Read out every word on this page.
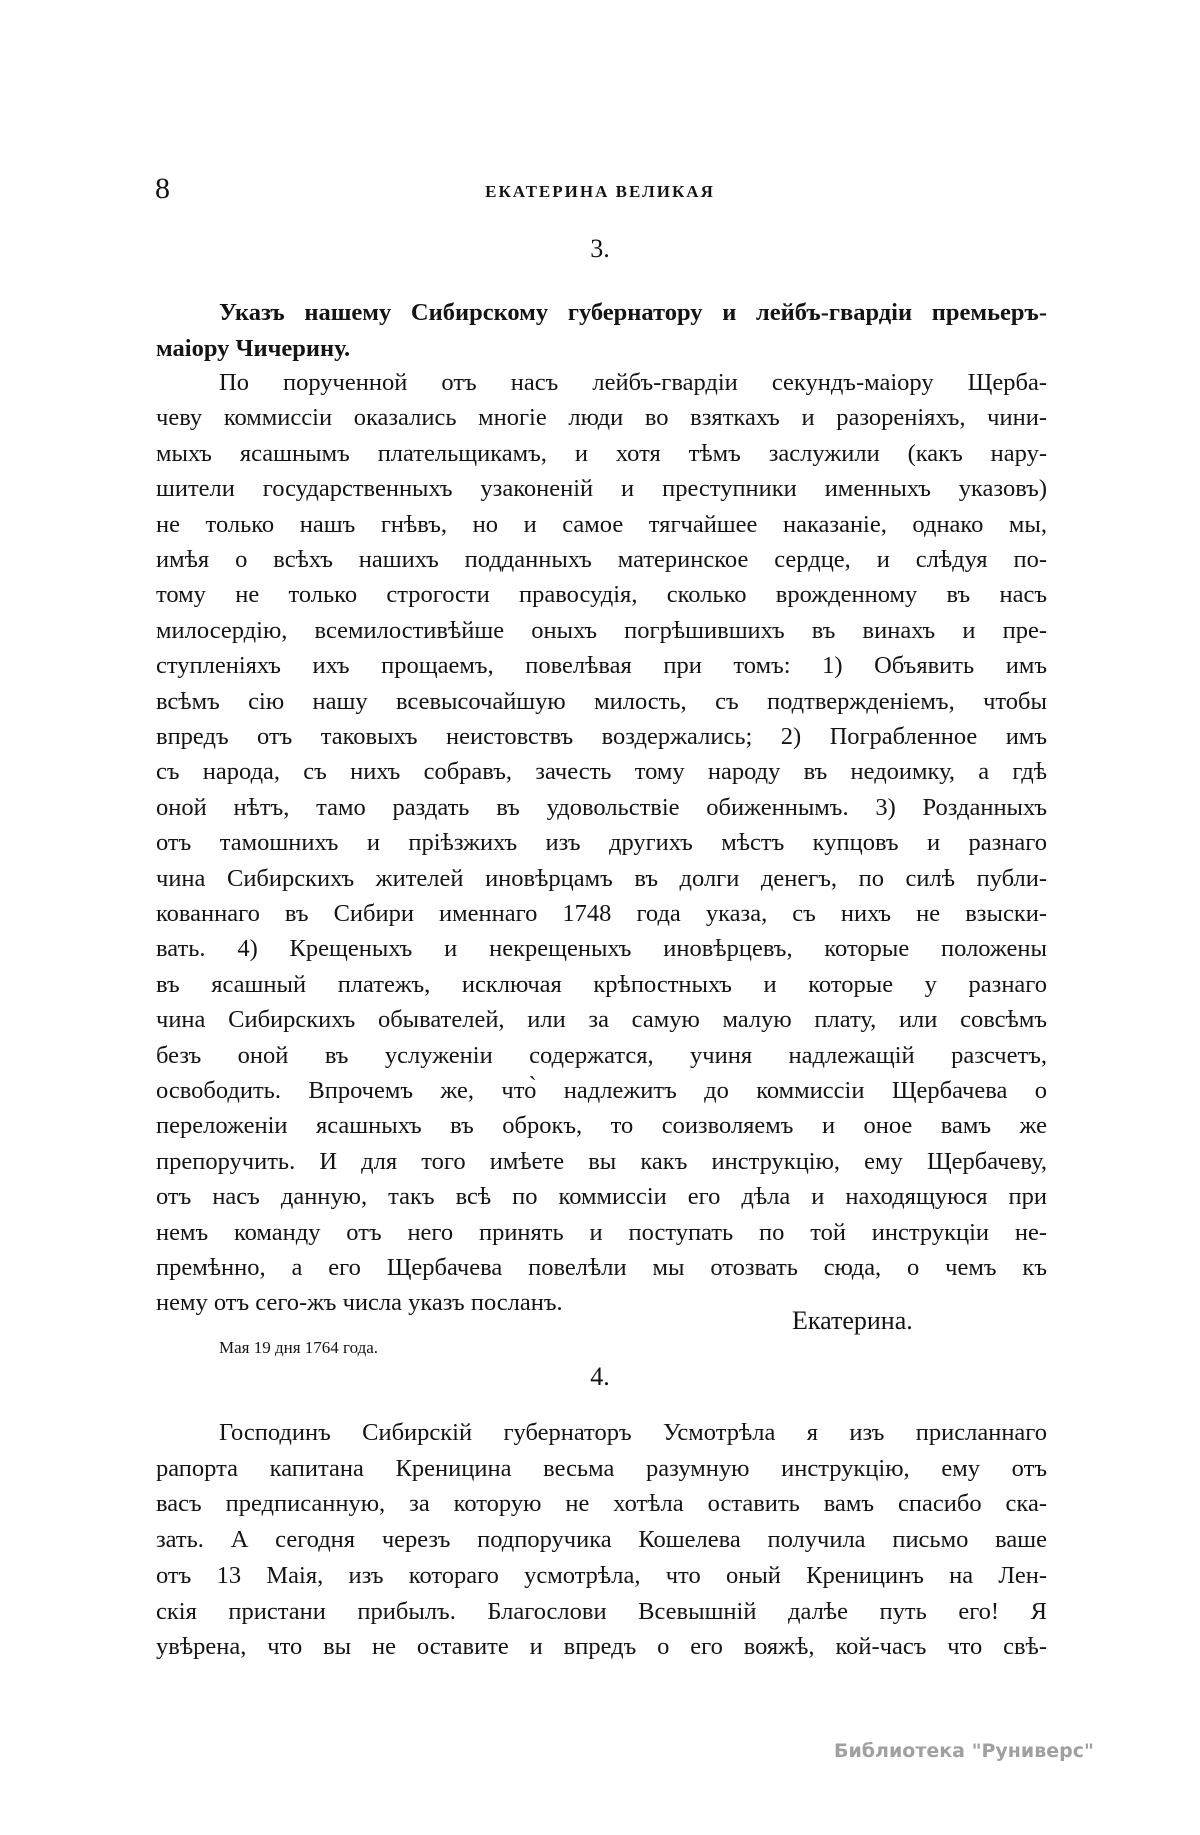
8	ЕКАТЕРИНА ВЕЛИКАЯ
3.
Указъ нашему Сибирскому губернатору и лейбъ-гвардіи премьеръ-
маіору Чичерину.
По порученной отъ насъ лейбъ-гвардіи секундъ-маіору Щерба-
чеву коммиссіи оказались многіе люди во взяткахъ и разореніяхъ, чини-
мыхъ ясашнымъ плательщикамъ, и хотя тѣмъ заслужили (какъ нару-
шители государственныхъ узаконеній и преступники именныхъ указовъ)
не только нашъ гнѣвъ, но и самое тягчайшее наказаніе, однако мы,
имѣя о всѣхъ нашихъ подданныхъ материнское сердце, и слѣдуя по-
тому не только строгости правосудія, сколько врожденному въ насъ
милосердію, всемилостивѣйше оныхъ погрѣшившихъ въ винахъ и пре-
ступленіяхъ ихъ прощаемъ, повелѣвая при томъ: 1) Объявить имъ
всѣмъ сію нашу всевысочайшую милость, съ подтвержденіемъ, чтобы
впредъ отъ таковыхъ неистовствъ воздержались; 2) Пограбленное имъ
съ народа, съ нихъ собравъ, зачесть тому народу въ недоимку, а гдѣ
оной нѣтъ, тамо раздать въ удовольствіе обиженнымъ. 3) Розданныхъ
отъ тамошнихъ и пріѣзжихъ изъ другихъ мѣстъ купцовъ и разнаго
чина Сибирскихъ жителей иновѣрцамъ въ долги денегъ, по силѣ публи-
кованнаго въ Сибири именнаго 1748 года указа, съ нихъ не взыски-
вать. 4) Крещеныхъ и некрещеныхъ иновѣрцевъ, которые положены
въ ясашный платежъ, исключая крѣпостныхъ и которые у разнаго
чина Сибирскихъ обывателей, или за самую малую плату, или совсѣмъ
безъ оной въ услуженіи содержатся, учиня надлежащій разсчетъ,
освободить. Впрочемъ же, что̀ надлежитъ до коммиссіи Щербачева о
переложеніи ясашныхъ въ оброкъ, то соизволяемъ и оное вамъ же
препоручить. И для того имѣете вы какъ инструкцію, ему Щербачеву,
отъ насъ данную, такъ всѣ по коммиссіи его дѣла и находящуюся при
немъ команду отъ него принять и поступать по той инструкціи не-
премѣнно, а его Щербачева повелѣли мы отозвать сюда, о чемъ къ
нему отъ сего-жъ числа указъ посланъ.
Екатерина.
Мая 19 дня 1764 года.
4.
Господинъ Сибирскій губернаторъ Усмотрѣла я изъ присланнаго
рапорта капитана Креницина весьма разумную инструкцію, ему отъ
васъ предписанную, за которую не хотѣла оставить вамъ спасибо ска-
зать. А сегодня черезъ подпоручика Кошелева получила письмо ваше
отъ 13 Маія, изъ котораго усмотрѣла, что оный Креницинъ на Лен-
скія пристани прибылъ. Благослови Всевышній далѣе путь его! Я
увѣрена, что вы не оставите и впредъ о его вояжѣ, кой-часъ что свѣ-
Библиотека "Руниверс"
